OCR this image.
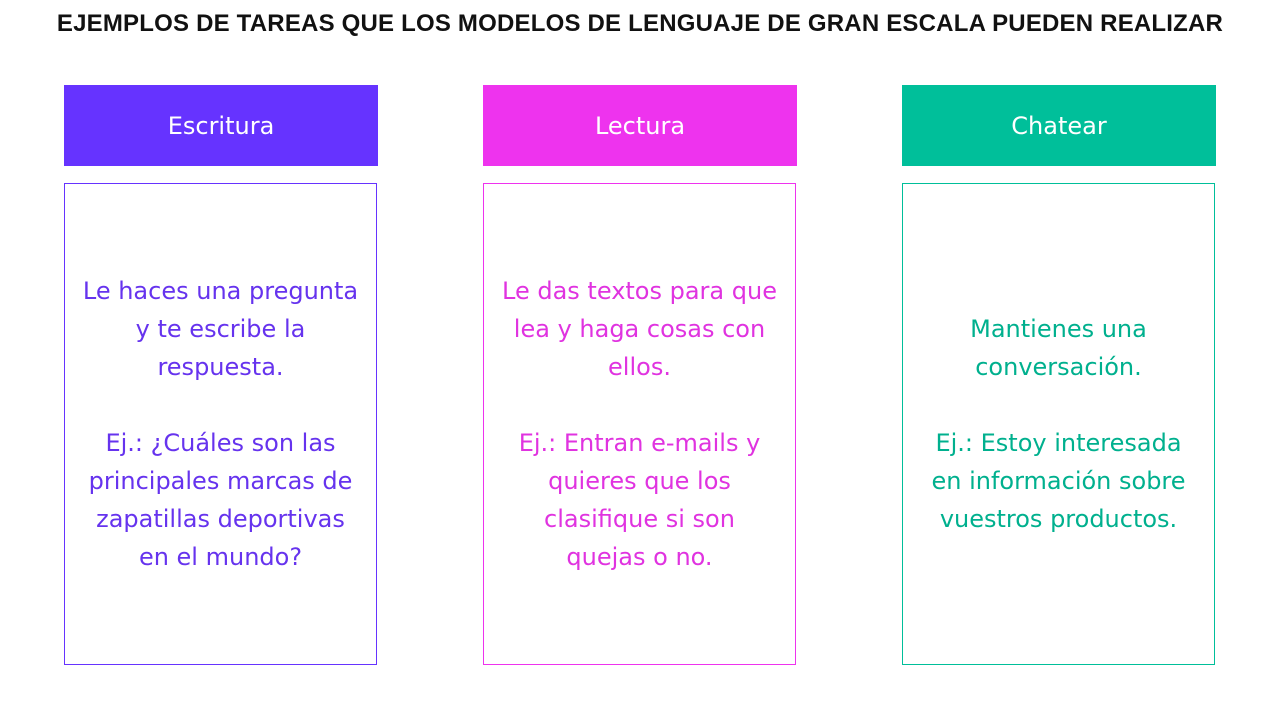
EJEMPLOS DE TAREAS QUE LOS MODELOS DE LENGUAJE DE GRAN ESCALA PUEDEN REALIZAR
Escritura

Le haces una pregunta

y te escribe la

respuesta.

Ej.: ¿Cuáles son las

principales marcas de

zapatillas deportivas

en el mundo?

Lectura

Le das textos para que

lea y haga cosas con

ellos.

Ej.: Entran e-mails y

quieres que los

clasifique si son

quejas o no.

Chatear

Mantienes una

conversación.

Ej.: Estoy interesada

en información sobre

vuestros productos.
